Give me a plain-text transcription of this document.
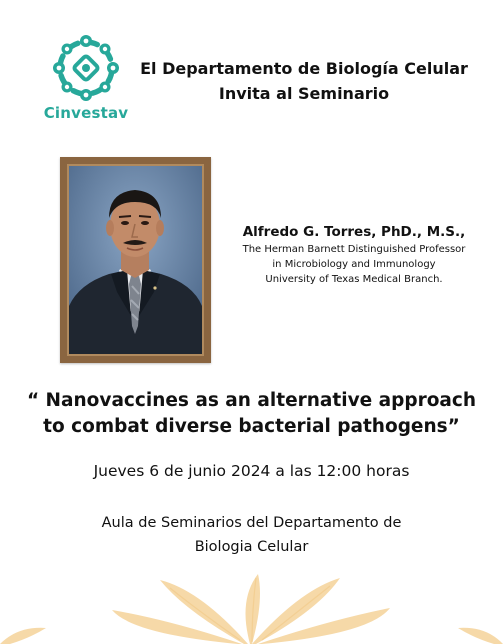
Cinvestav
El Departamento de Biología Celular
Invita al Seminario
Alfredo G. Torres, PhD., M.S.,
The Herman Barnett Distinguished Professor
in Microbiology and Immunology
University of Texas Medical Branch.
“ Nanovaccines as an alternative approach
to combat diverse bacterial pathogens”
Jueves 6 de junio 2024 a las 12:00 horas
Aula de Seminarios del Departamento de
Biologia Celular
